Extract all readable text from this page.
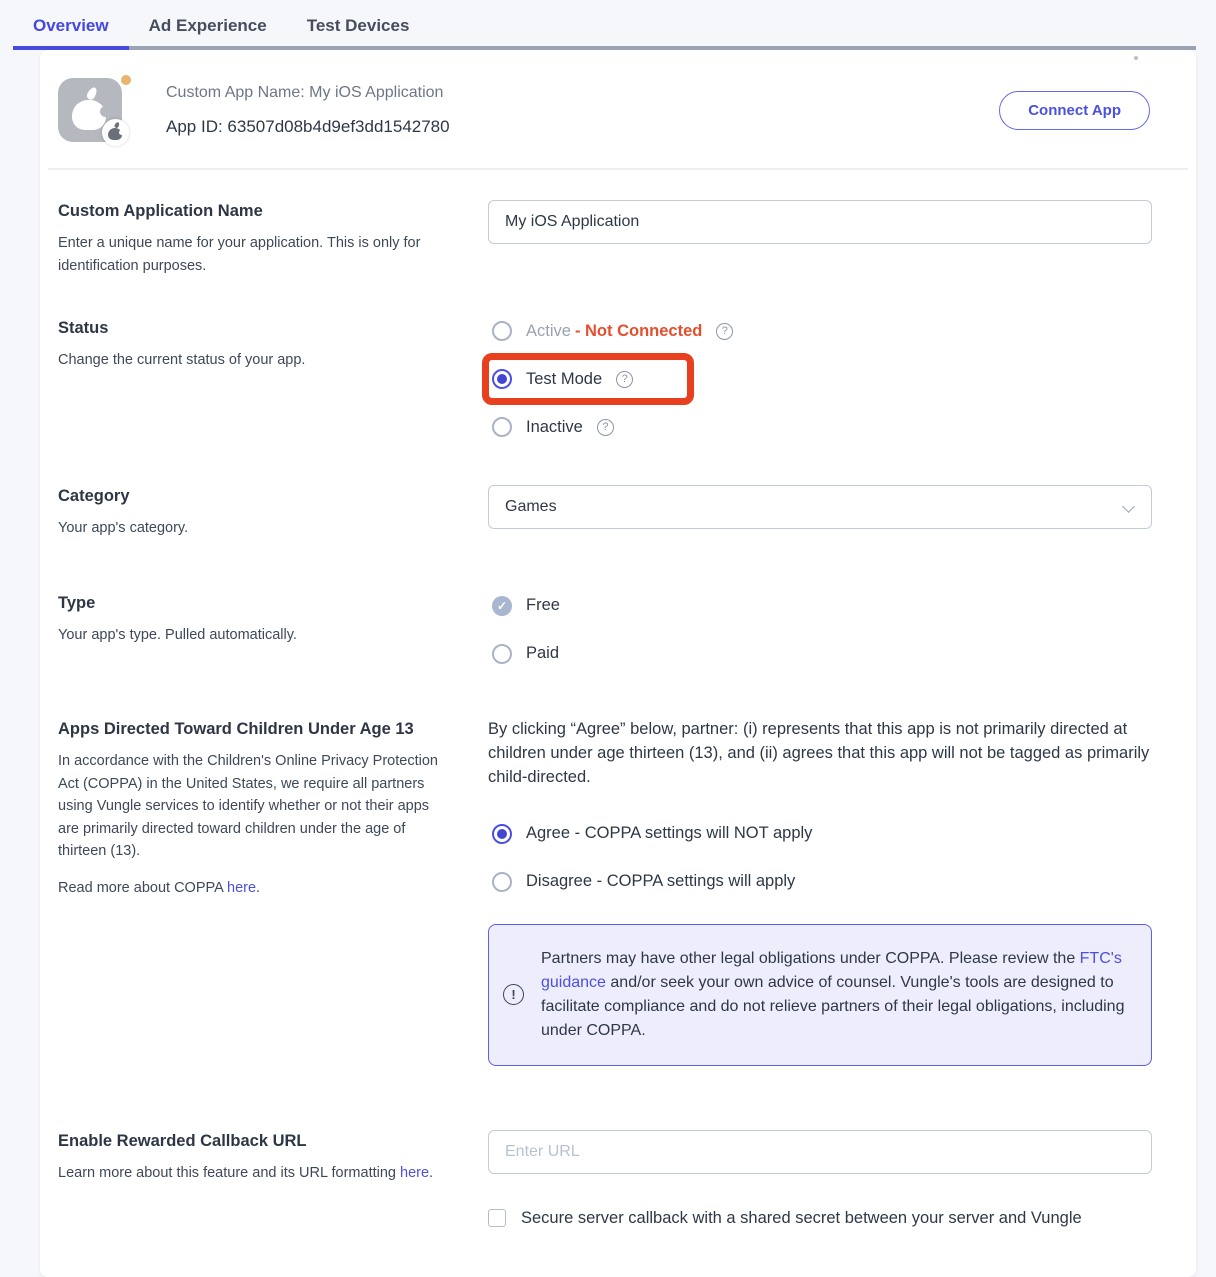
Overview	Ad Experience	Test Devices
Custom App Name: My iOS Application
App ID: 63507d08b4d9ef3dd1542780
Connect App
Custom Application Name

Enter a unique name for your application. This is only for identification purposes.

My iOS Application
Status

Change the current status of your app.

Active - Not Connected	?
Test Mode	?
Inactive	?
Category

Your app's category.

Games
Type

Your app's type. Pulled automatically.

✓	Free
Paid
Apps Directed Toward Children Under Age 13

In accordance with the Children's Online Privacy Protection Act (COPPA) in the United States, we require all partners using Vungle services to identify whether or not their apps are primarily directed toward children under the age of thirteen (13).

Read more about COPPA here.

By clicking “Agree” below, partner: (i) represents that this app is not primarily directed at children under age thirteen (13), and (ii) agrees that this app will not be tagged as primarily child-directed.

Agree - COPPA settings will NOT apply
Disagree - COPPA settings will apply
!
Partners may have other legal obligations under COPPA. Please review the FTC's guidance and/or seek your own advice of counsel. Vungle's tools are designed to facilitate compliance and do not relieve partners of their legal obligations, including under COPPA.
Enable Rewarded Callback URL

Learn more about this feature and its URL formatting here.

Enter URL
Secure server callback with a shared secret between your server and Vungle
